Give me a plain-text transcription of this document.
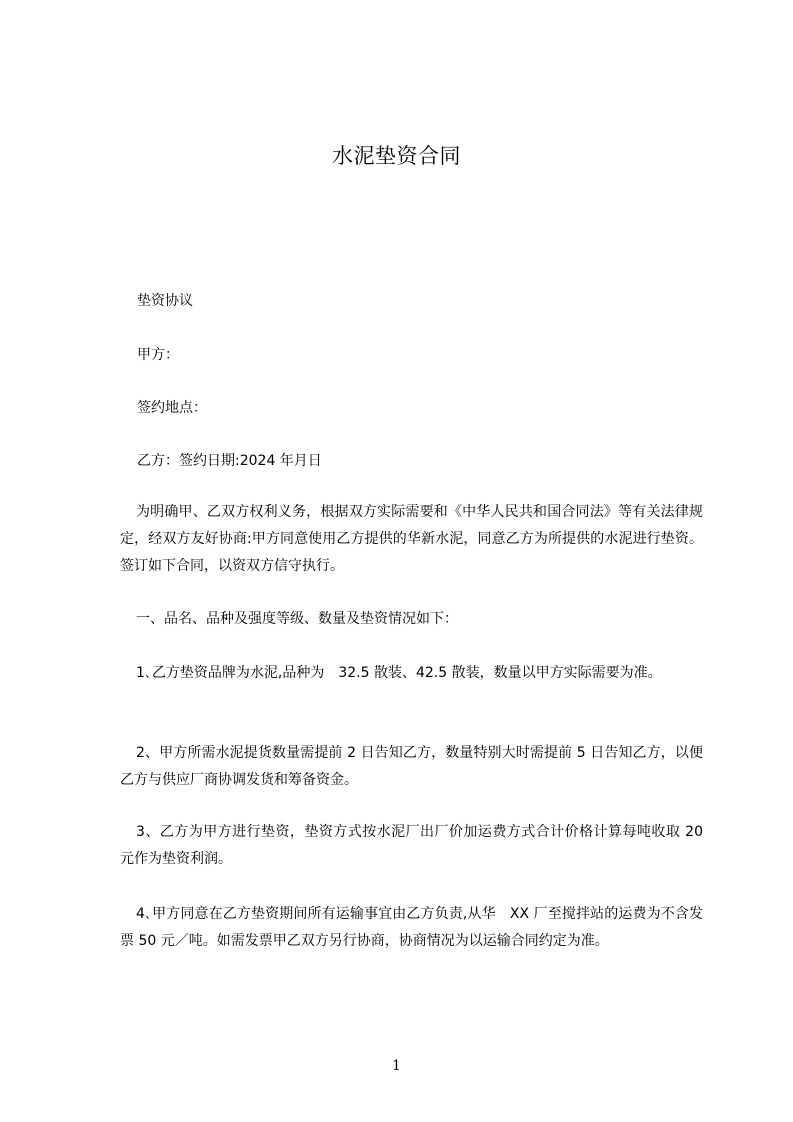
水泥垫资合同
垫资协议
甲方：
签约地点：
乙方：签约日期:2024 年月日
为明确甲、乙双方权利义务，根据双方实际需要和《中华人民共和国合同法》等有关法律规定，经双方友好协商:甲方同意使用乙方提供的华新水泥，同意乙方为所提供的水泥进行垫资。签订如下合同，以资双方信守执行。
一、品名、品种及强度等级、数量及垫资情况如下：
1､乙方垫资品牌为水泥,品种为　32.5 散装、42.5 散装，数量以甲方实际需要为准。
2、甲方所需水泥提货数量需提前 2 日告知乙方，数量特别大时需提前 5 日告知乙方，以便乙方与供应厂商协调发货和筹备资金。
3、乙方为甲方进行垫资，垫资方式按水泥厂出厂价加运费方式合计价格计算每吨收取 20 元作为垫资利润。
4､甲方同意在乙方垫资期间所有运输事宜由乙方负责,从华　XX 厂至搅拌站的运费为不含发票 50 元／吨。如需发票甲乙双方另行协商，协商情况为以运输合同约定为准。
1
